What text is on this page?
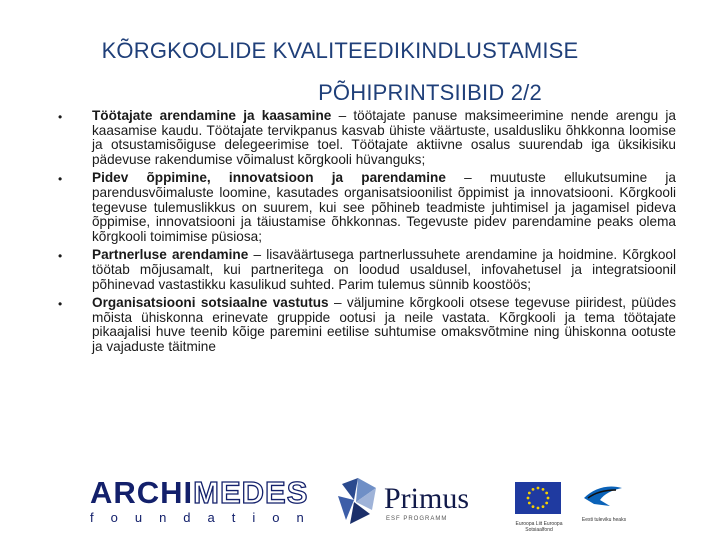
KÕRGKOOLIDE KVALITEEDIKINDLUSTAMISE
PÕHIPRINTSIIBID 2/2
• Töötajate arendamine ja kaasamine – töötajate panuse maksimeerimine nende arengu ja kaasamise kaudu. Töötajate tervikpanus kasvab ühiste väärtuste, usaldusliku õhkkonna loomise ja otsustamisõiguse delegeerimise toel. Töötajate aktiivne osalus suurendab iga üksikisiku pädevuse rakendumise võimalust kõrgkooli hüvanguks;
• Pidev õppimine, innovatsioon ja parendamine – muutuste ellukutsumine ja parendusvõimaluste loomine, kasutades organisatsioonilist õppimist ja innovatsiooni. Kõrgkooli tegevuse tulemuslikkus on suurem, kui see põhineb teadmiste juhtimisel ja jagamisel pideva õppimise, innovatsiooni ja täiustamise õhkkonnas. Tegevuste pidev parendamine peaks olema kõrgkooli toimimise püsiosa;
• Partnerluse arendamine – lisaväärtusega partnerlussuhete arendamine ja hoidmine. Kõrgkool töötab mõjusamalt, kui partneritega on loodud usaldusel, infovahetusel ja integratsioonil põhinevad vastastikku kasulikud suhted. Parim tulemus sünnib koostöös;
• Organisatsiooni sotsiaalne vastutus – väljumine kõrgkooli otsese tegevuse piiridest, püüdes mõista ühiskonna erinevate gruppide ootusi ja neile vastata. Kõrgkooli ja tema töötajate pikaajalisi huve teenib kõige paremini eetilise suhtumise omaksvõtmine ning ühiskonna ootuste ja vajaduste täitmine
ARCHIMEDES
foundation
Primus
ESF PROGRAMM
Euroopa Liit Euroopa Sotsiaalfond
Eesti tuleviku heaks
